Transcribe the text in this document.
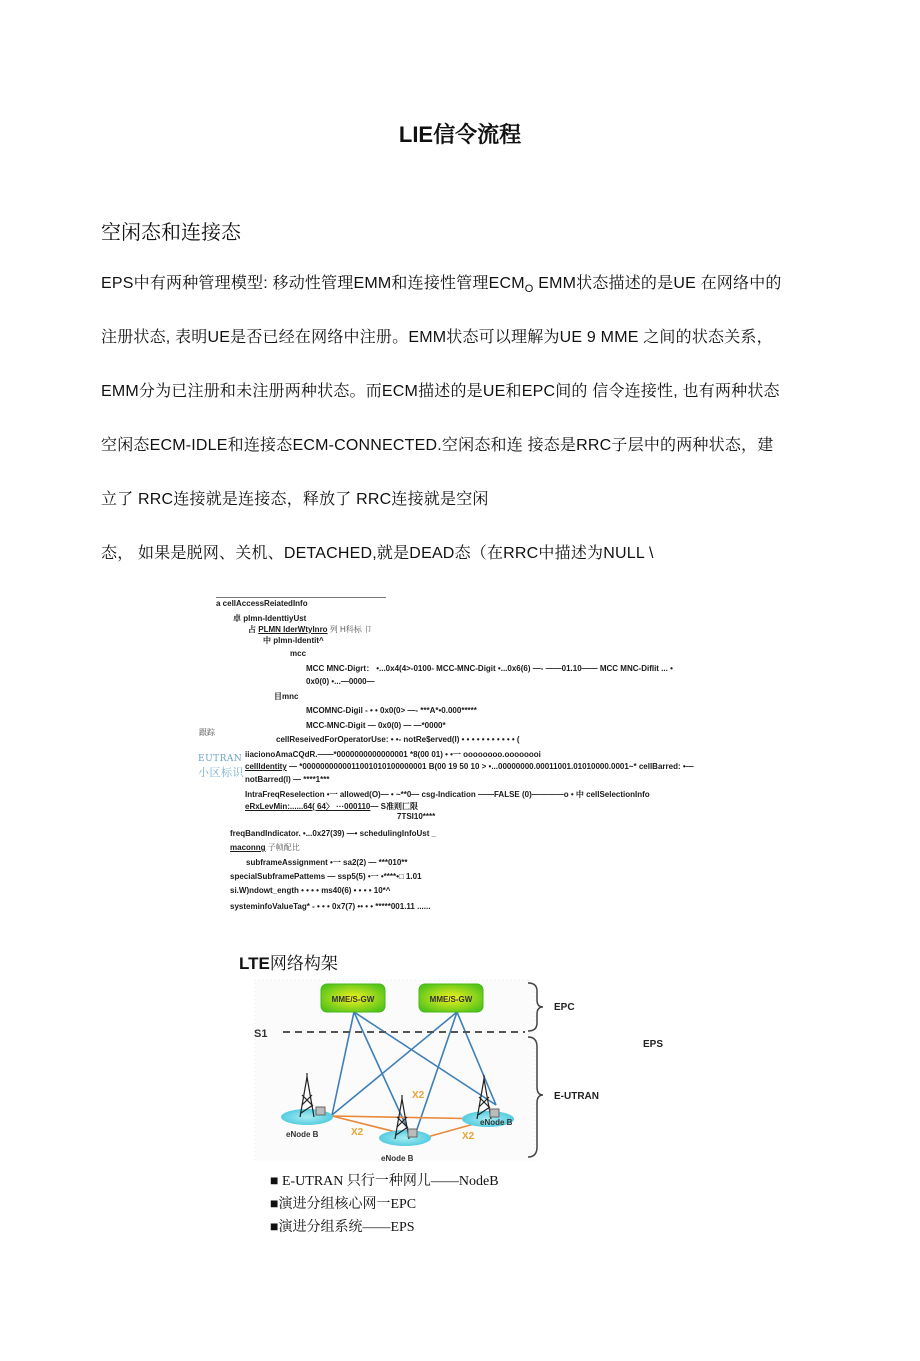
LIE信令流程
空闲态和连接态
EPS中有两种管理模型: 移动性管理EMM和连接性管理$ECM_O$ EMM状态描述的是UE 在网络中的
注册状态, 表明UE是否已经在网络中注册。EMM状态可以理解为UE 9 MME 之间的状态关系，
EMM分为已注册和未注册两种状态。而ECM描述的是UE和EPC间的 信令连接性, 也有两种状态
空闲态ECM-IDLE和连接态ECM-CONNECTED.空闲态和连 接态是RRC子层中的两种状态，建
立了 RRC连接就是连接态，释放了 RRC连接就是空闲
态， 如果是脱网、关机、DETACHED,就是DEAD态（在RRC中描述为NULL \
跟踪
EUTRAN
小区标识
a cellAccessReiatedInfo
卓 plmn-IdenttiyUst
占 PLMN IderWtylnro 列 H科标 卩
中 plmn-Identit^
mcc
MCC MNC-Digrt： •...0x4(4>-0100- MCC-MNC-Digit •...0x6(6) —- ——01.10—— MCC MNC-Diflit ... •
0x0(0) •...—0000—
目mnc
MCOMNC-Digil - • • 0x0(0> —- ***A*•0.000*****
MCC-MNC-Digit — 0x0(0) — —*0000*
cellReseivedForOperatorUse: • •- notRe$erved(l) • • • • • • • • • • • (
iiacionoAmaCQdR.——*0000000000000001 *8(00 01) • •一 oooooooo.oooooooi
cellIdentity — *0000000000011001010100000001 B(00 19 50 10 > •...00000000.00011001.01010000.0001~* cellBarred: •—
notBarred(l) — ****1***
IntraFreqReselection •一 allowed(O)— • ~**0— csg-Indication ——FALSE (0)————o • 中 cellSelectionInfo
eRxLevMin:......64( 64〉 ···000110— S准则匚限
7TSI10****
freqBandIndicator. •...0x27(39) —• schedulingInfoUst _
maconng 子帧配比
subframeAssignment •一 sa2(2) — ***010**
specialSubframePattems — ssp5(5) •一 •****•□ 1.01
si.W)ndowt_ength • • • • ms40(6) • • • • 10*^
systeminfoValueTag* - • • • 0x7(7) •• • • *****001.11 ......
LTE网络构架
S1
MME/S-GW	MME/S-GW
eNode B
eNode B
eNode B
X2
X2	X2
EPC
E-UTRAN
EPS
■ E-UTRAN 只行一种网儿——NodeB
■演进分组核心网一EPC
■演进分组系统——EPS
